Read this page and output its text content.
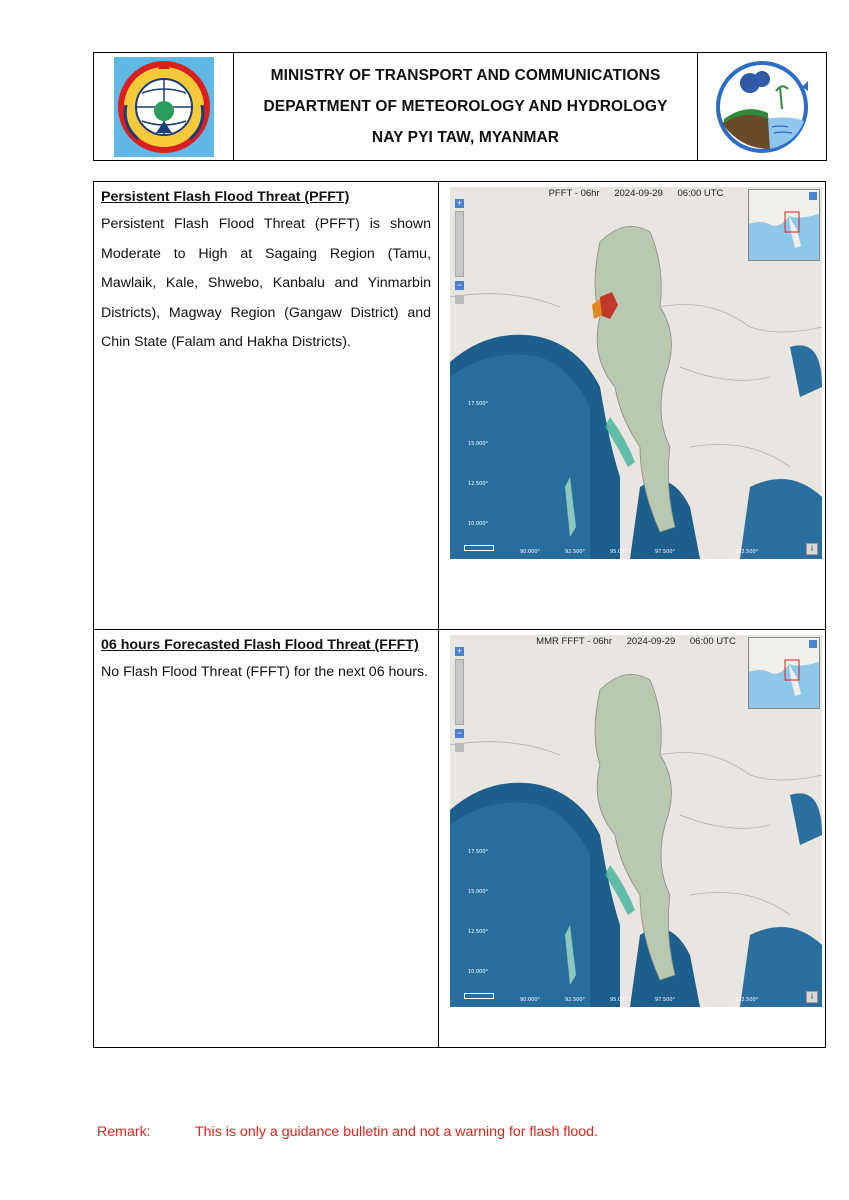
MINISTRY OF TRANSPORT AND COMMUNICATIONS
DEPARTMENT OF METEOROLOGY AND HYDROLOGY
NAY PYI TAW, MYANMAR

Persistent Flash Flood Threat (PFFT)

Persistent Flash Flood Threat (PFFT) is shown Moderate to High at Sagaing Region (Tamu, Mawlaik, Kale, Shwebo, Kanbalu and Yinmarbin Districts), Magway Region (Gangaw District) and Chin State (Falam and Hakha Districts).

17.500°
15.000°
12.500°
10.000°
90.000°	92.500°	95.000°	97.500°	102.500°
PFFT - 06hr 2024-09-29 06:00 UTC
+
−
i

06 hours Forecasted Flash Flood Threat (FFFT)

No Flash Flood Threat (FFFT) for the next 06 hours.

17.500°
15.000°
12.500°
10.000°
90.000°	92.500°	95.000°	97.500°	102.500°
MMR FFFT - 06hr 2024-09-29 06:00 UTC
+
−
i
Remark:	This is only a guidance bulletin and not a warning for flash flood.
